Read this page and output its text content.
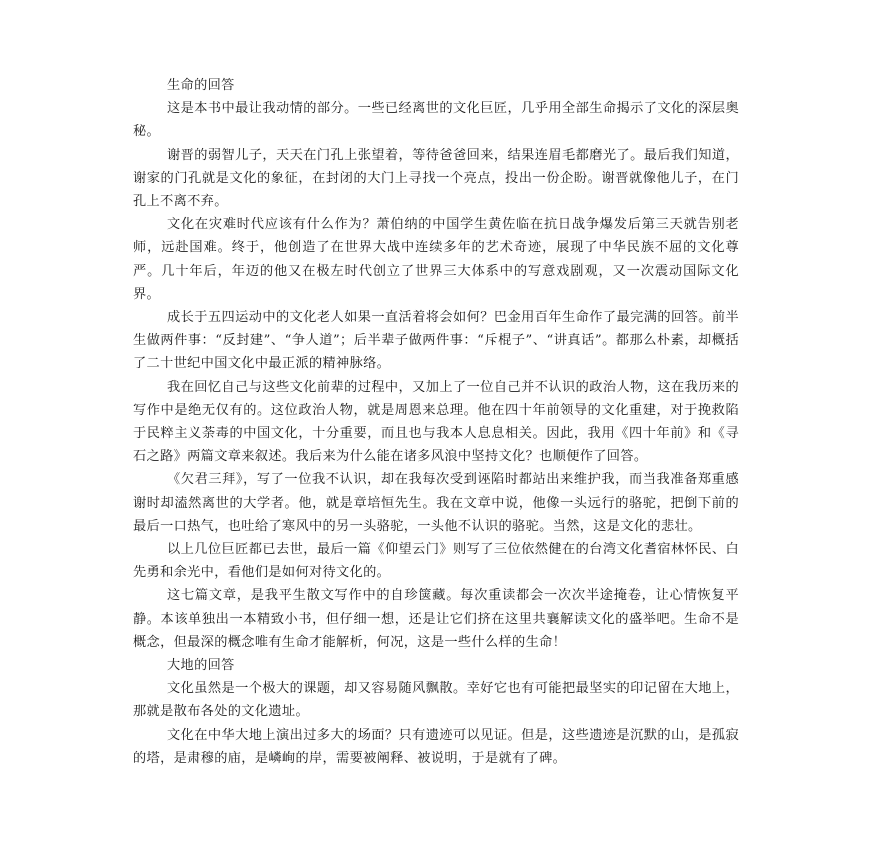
生命的回答

这是本书中最让我动情的部分。一些已经离世的文化巨匠，几乎用全部生命揭示了文化的深层奥秘。

谢晋的弱智儿子，天天在门孔上张望着，等待爸爸回来，结果连眉毛都磨光了。最后我们知道，谢家的门孔就是文化的象征，在封闭的大门上寻找一个亮点，投出一份企盼。谢晋就像他儿子，在门孔上不离不弃。

文化在灾难时代应该有什么作为？萧伯纳的中国学生黄佐临在抗日战争爆发后第三天就告别老师，远赴国难。终于，他创造了在世界大战中连续多年的艺术奇迹，展现了中华民族不屈的文化尊严。几十年后，年迈的他又在极左时代创立了世界三大体系中的写意戏剧观，又一次震动国际文化界。

成长于五四运动中的文化老人如果一直活着将会如何？巴金用百年生命作了最完满的回答。前半生做两件事：“反封建”、“争人道”；后半辈子做两件事：“斥棍子”、“讲真话”。都那么朴素，却概括了二十世纪中国文化中最正派的精神脉络。

我在回忆自己与这些文化前辈的过程中，又加上了一位自己并不认识的政治人物，这在我历来的写作中是绝无仅有的。这位政治人物，就是周恩来总理。他在四十年前领导的文化重建，对于挽救陷于民粹主义荼毒的中国文化，十分重要，而且也与我本人息息相关。因此，我用《四十年前》和《寻石之路》两篇文章来叙述。我后来为什么能在诸多风浪中坚持文化？也顺便作了回答。

《欠君三拜》，写了一位我不认识，却在我每次受到诬陷时都站出来维护我，而当我准备郑重感谢时却溘然离世的大学者。他，就是章培恒先生。我在文章中说，他像一头远行的骆驼，把倒下前的最后一口热气，也吐给了寒风中的另一头骆驼，一头他不认识的骆驼。当然，这是文化的悲壮。

以上几位巨匠都已去世，最后一篇《仰望云门》则写了三位依然健在的台湾文化耆宿林怀民、白先勇和余光中，看他们是如何对待文化的。

这七篇文章，是我平生散文写作中的自珍箧藏。每次重读都会一次次半途掩卷，让心情恢复平静。本该单独出一本精致小书，但仔细一想，还是让它们挤在这里共襄解读文化的盛举吧。生命不是概念，但最深的概念唯有生命才能解析，何况，这是一些什么样的生命！

大地的回答

文化虽然是一个极大的课题，却又容易随风飘散。幸好它也有可能把最坚实的印记留在大地上，那就是散布各处的文化遗址。

文化在中华大地上演出过多大的场面？只有遗迹可以见证。但是，这些遗迹是沉默的山，是孤寂的塔，是肃穆的庙，是嶙峋的岸，需要被阐释、被说明，于是就有了碑。
